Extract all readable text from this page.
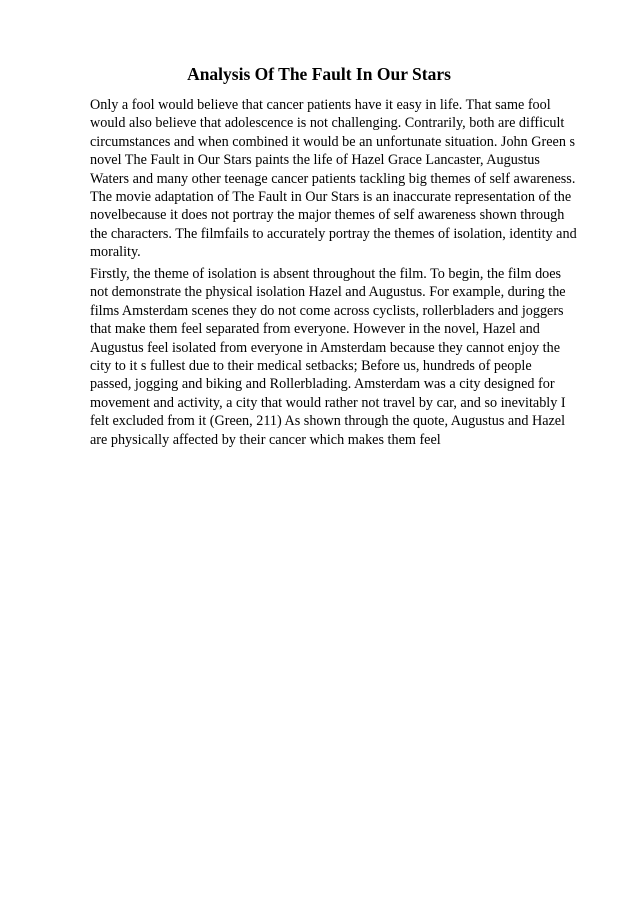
Analysis Of The Fault In Our Stars
Only a fool would believe that cancer patients have it easy in life. That same fool
would also believe that adolescence is not challenging. Contrarily, both are difficult
circumstances and when combined it would be an unfortunate situation. John Green s
novel The Fault in Our Stars paints the life of Hazel Grace Lancaster, Augustus
Waters and many other teenage cancer patients tackling big themes of self awareness.
The movie adaptation of The Fault in Our Stars is an inaccurate representation of the
novelbecause it does not portray the major themes of self awareness shown through
the characters. The filmfails to accurately portray the themes of isolation, identity and
morality.
Firstly, the theme of isolation is absent throughout the film. To begin, the film does
not demonstrate the physical isolation Hazel and Augustus. For example, during the
films Amsterdam scenes they do not come across cyclists, rollerbladers and joggers
that make them feel separated from everyone. However in the novel, Hazel and
Augustus feel isolated from everyone in Amsterdam because they cannot enjoy the
city to it s fullest due to their medical setbacks; Before us, hundreds of people
passed, jogging and biking and Rollerblading. Amsterdam was a city designed for
movement and activity, a city that would rather not travel by car, and so inevitably I
felt excluded from it (Green, 211) As shown through the quote, Augustus and Hazel
are physically affected by their cancer which makes them feel
